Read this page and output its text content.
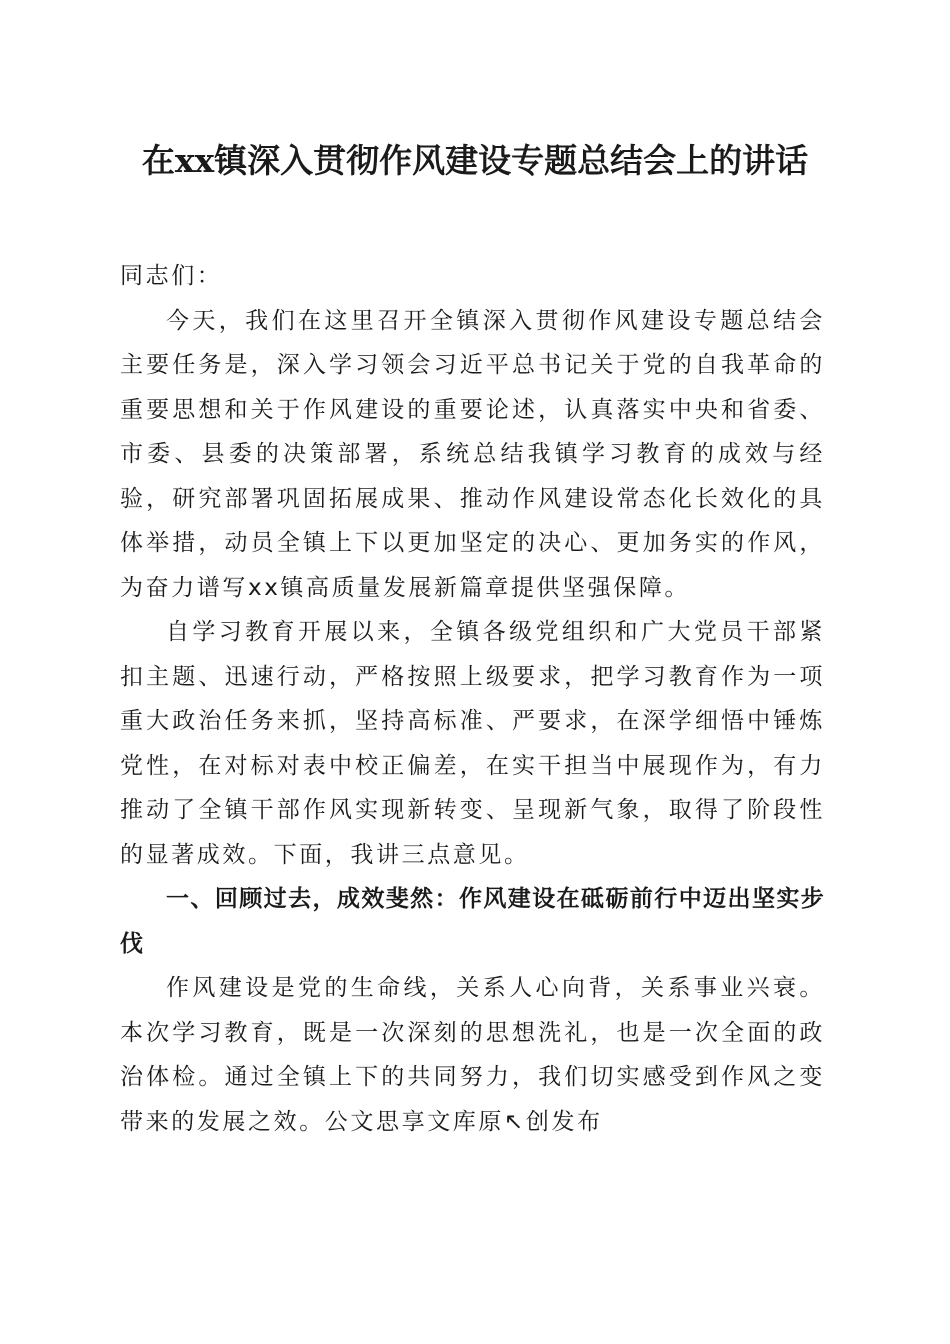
在xx镇深入贯彻作风建设专题总结会上的讲话

同志们：

今天，我们在这里召开全镇深入贯彻作风建设专题总结会主要任务是，深入学习领会习近平总书记关于党的自我革命的重要思想和关于作风建设的重要论述，认真落实中央和省委、市委、县委的决策部署，系统总结我镇学习教育的成效与经验，研究部署巩固拓展成果、推动作风建设常态化长效化的具体举措，动员全镇上下以更加坚定的决心、更加务实的作风，为奋力谱写xx镇高质量发展新篇章提供坚强保障。

自学习教育开展以来，全镇各级党组织和广大党员干部紧扣主题、迅速行动，严格按照上级要求，把学习教育作为一项重大政治任务来抓，坚持高标准、严要求，在深学细悟中锤炼党性，在对标对表中校正偏差，在实干担当中展现作为，有力推动了全镇干部作风实现新转变、呈现新气象，取得了阶段性的显著成效。下面，我讲三点意见。

一、回顾过去，成效斐然：作风建设在砥砺前行中迈出坚实步伐

作风建设是党的生命线，关系人心向背，关系事业兴衰。本次学习教育，既是一次深刻的思想洗礼，也是一次全面的政治体检。通过全镇上下的共同努力，我们切实感受到作风之变带来的发展之效。公文思享文库原↖创发布
